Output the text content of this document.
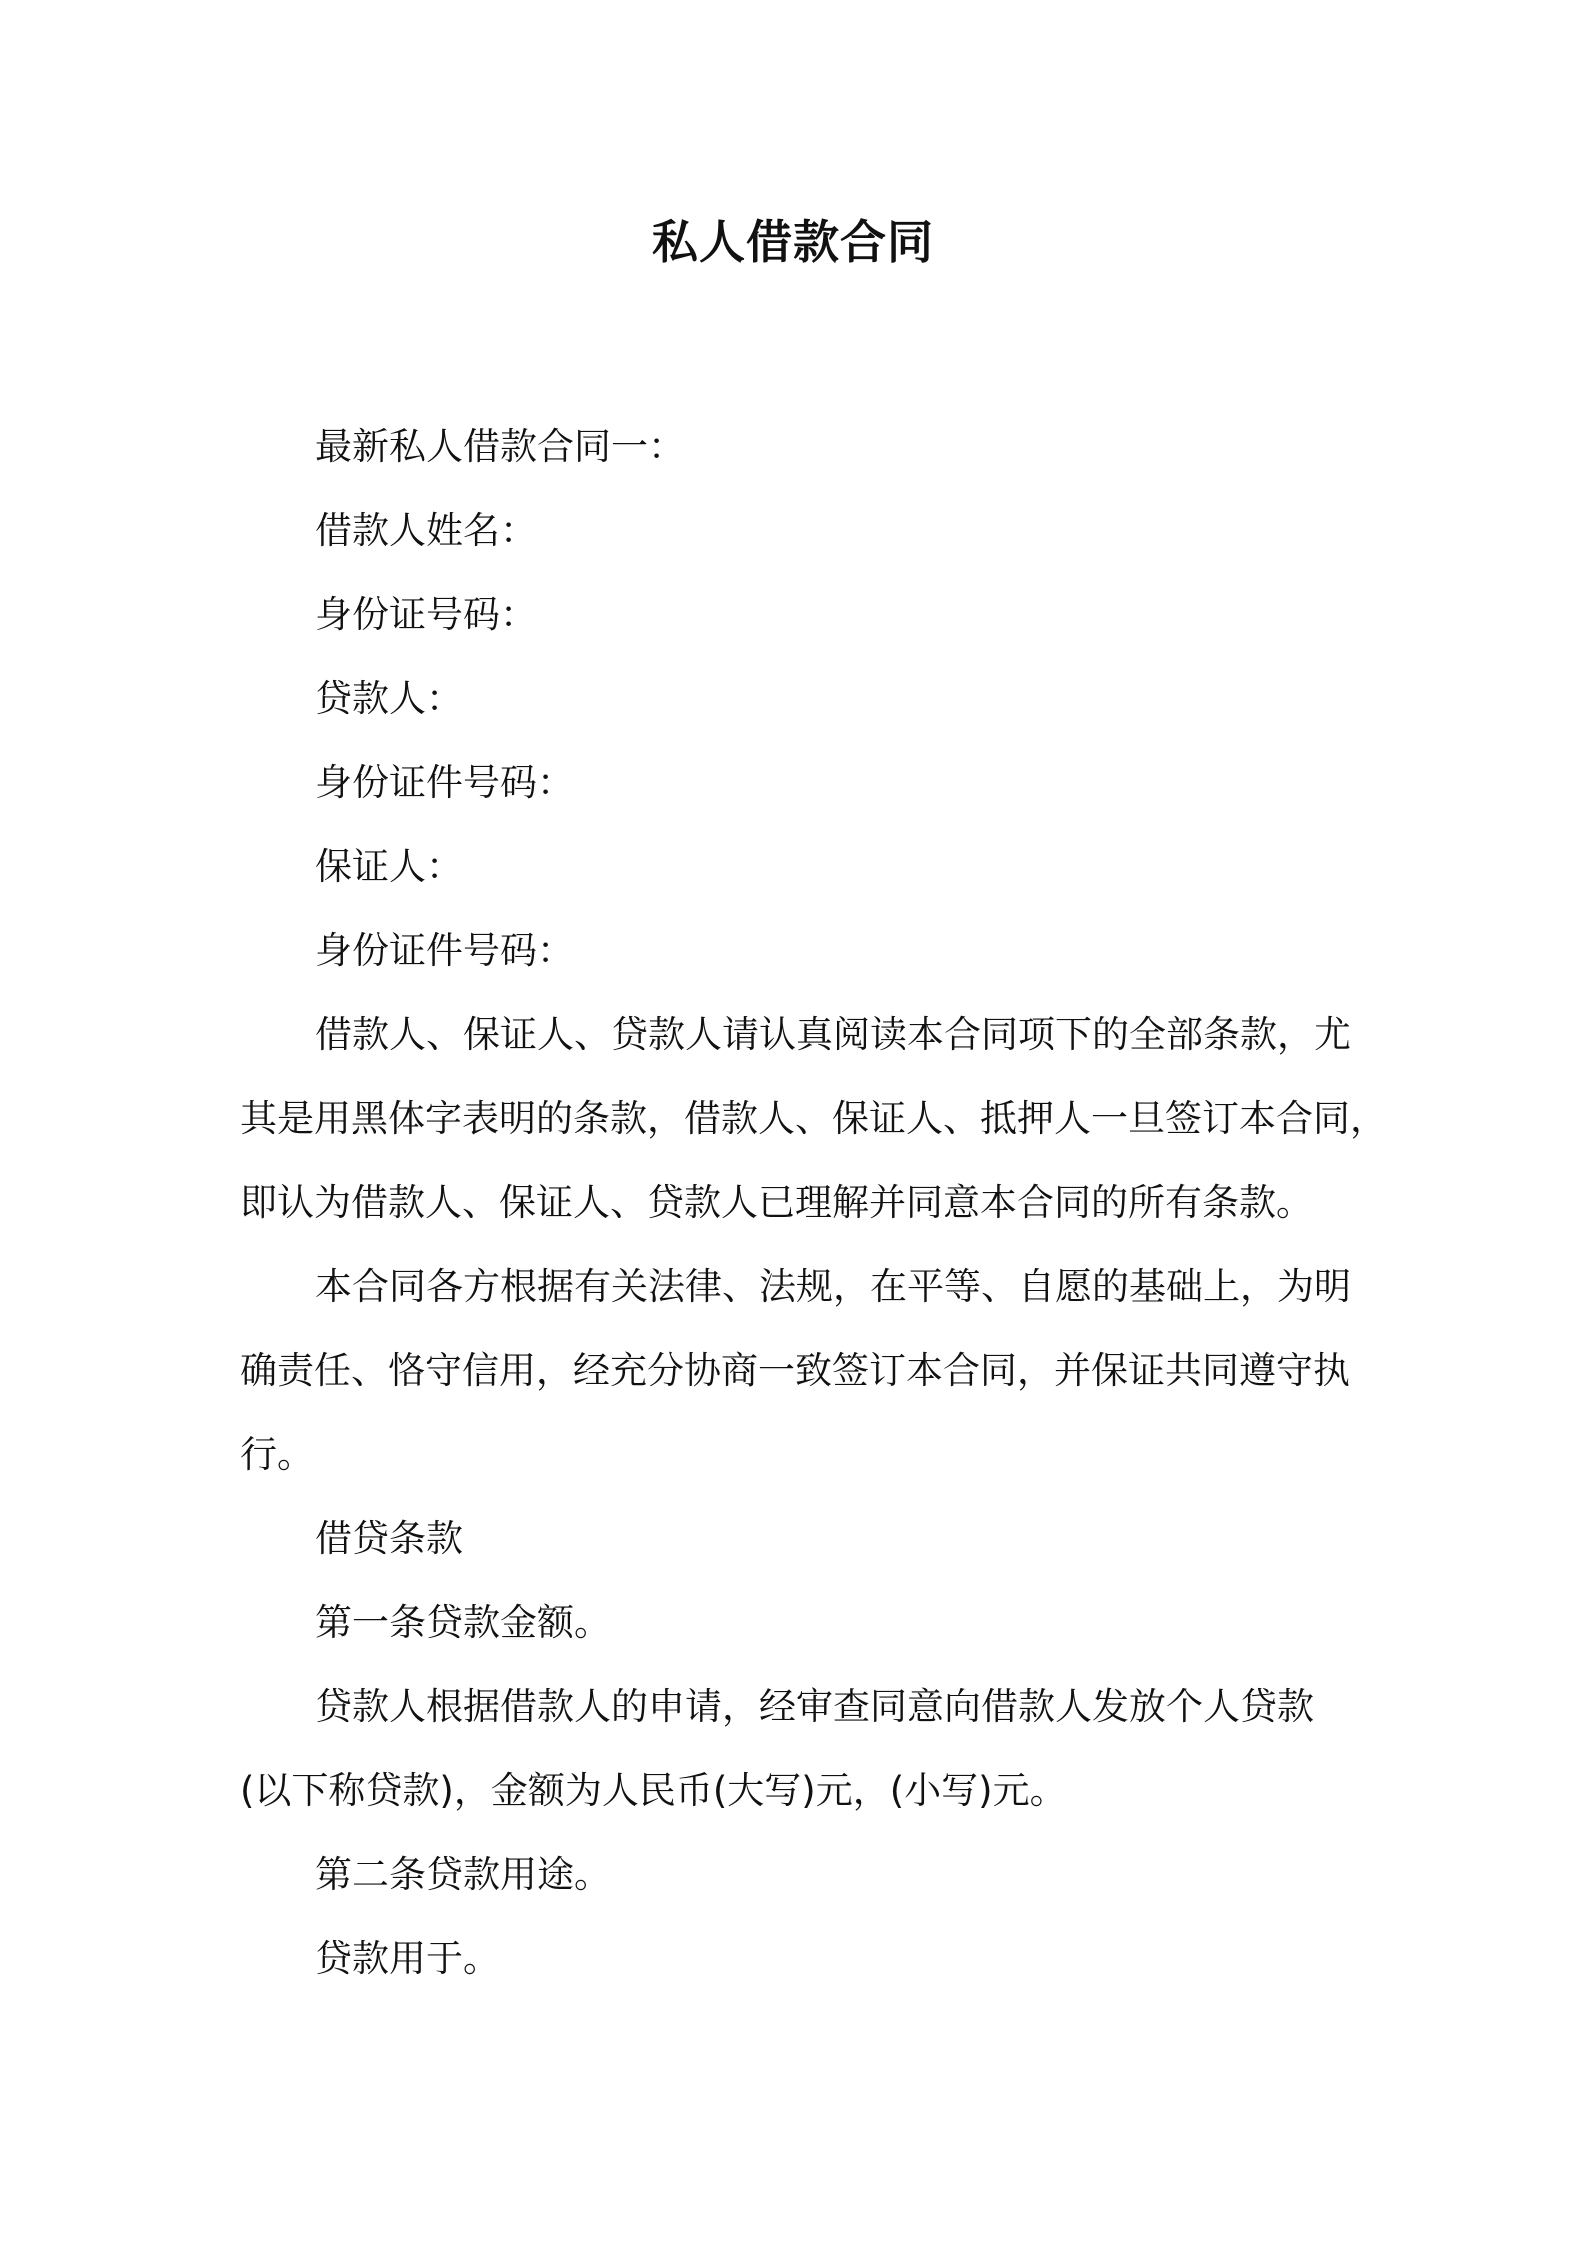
私人借款合同
最新私人借款合同一：
借款人姓名：
身份证号码：
贷款人：
身份证件号码：
保证人：
身份证件号码：
借款人、保证人、贷款人请认真阅读本合同项下的全部条款，尤
其是用黑体字表明的条款，借款人、保证人、抵押人一旦签订本合同，
即认为借款人、保证人、贷款人已理解并同意本合同的所有条款。
本合同各方根据有关法律、法规，在平等、自愿的基础上，为明
确责任、恪守信用，经充分协商一致签订本合同，并保证共同遵守执
行。
借贷条款
第一条贷款金额。
贷款人根据借款人的申请，经审查同意向借款人发放个人贷款
(以下称贷款)，金额为人民币(大写)元，(小写)元。
第二条贷款用途。
贷款用于。
